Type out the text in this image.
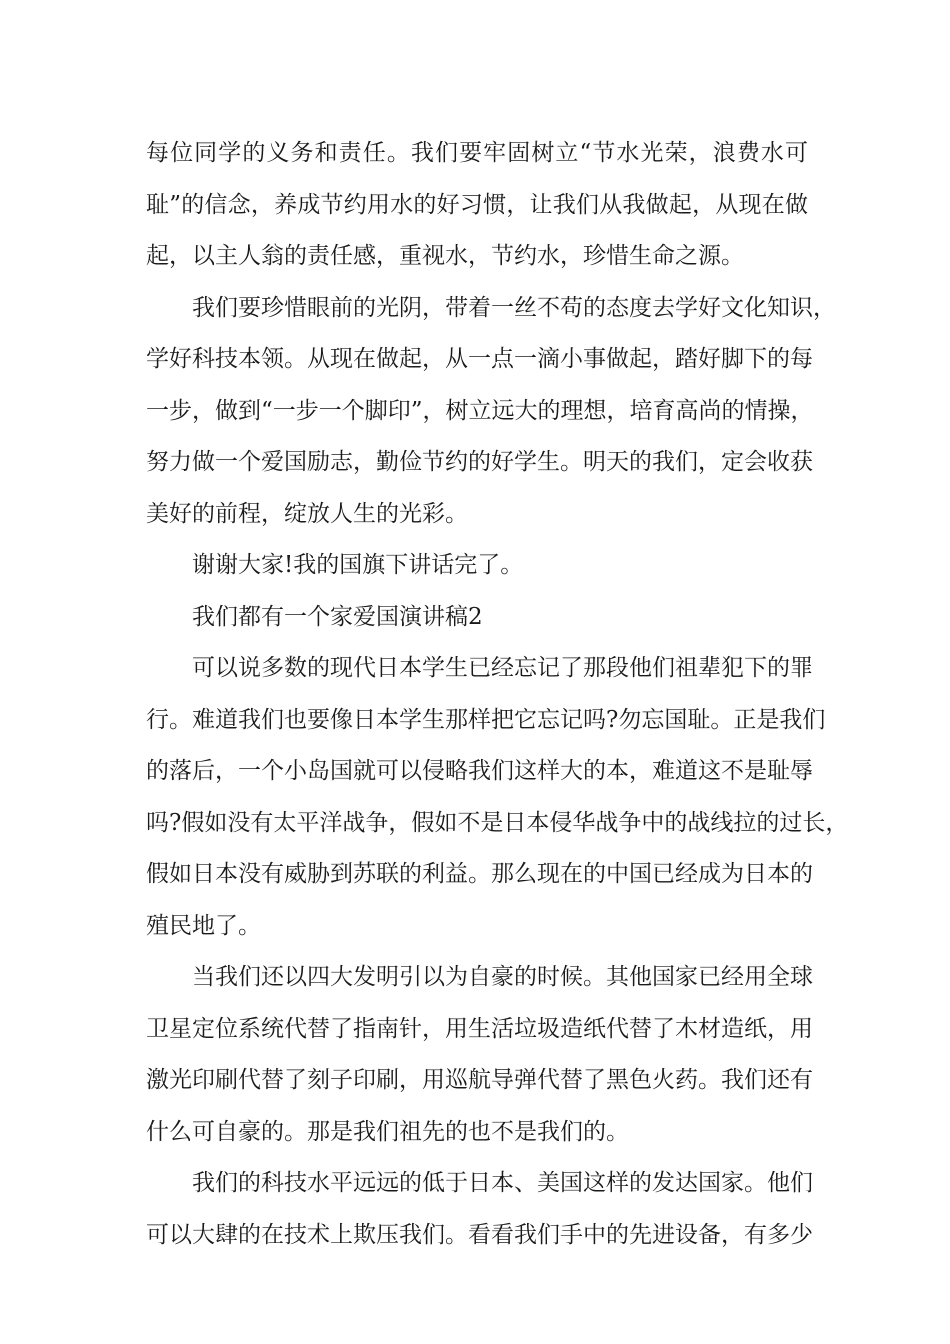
每位同学的义务和责任。我们要牢固树立“节水光荣，浪费水可
耻”的信念，养成节约用水的好习惯，让我们从我做起，从现在做
起，以主人翁的责任感，重视水，节约水，珍惜生命之源。
我们要珍惜眼前的光阴，带着一丝不苟的态度去学好文化知识，
学好科技本领。从现在做起，从一点一滴小事做起，踏好脚下的每
一步，做到“一步一个脚印”，树立远大的理想，培育高尚的情操，
努力做一个爱国励志，勤俭节约的好学生。明天的我们，定会收获
美好的前程，绽放人生的光彩。
谢谢大家!我的国旗下讲话完了。
我们都有一个家爱国演讲稿2
可以说多数的现代日本学生已经忘记了那段他们祖辈犯下的罪
行。难道我们也要像日本学生那样把它忘记吗?勿忘国耻。正是我们
的落后，一个小岛国就可以侵略我们这样大的本，难道这不是耻辱
吗?假如没有太平洋战争，假如不是日本侵华战争中的战线拉的过长，
假如日本没有威胁到苏联的利益。那么现在的中国已经成为日本的
殖民地了。
当我们还以四大发明引以为自豪的时候。其他国家已经用全球
卫星定位系统代替了指南针，用生活垃圾造纸代替了木材造纸，用
激光印刷代替了刻子印刷，用巡航导弹代替了黑色火药。我们还有
什么可自豪的。那是我们祖先的也不是我们的。
我们的科技水平远远的低于日本、美国这样的发达国家。他们
可以大肆的在技术上欺压我们。看看我们手中的先进设备，有多少
